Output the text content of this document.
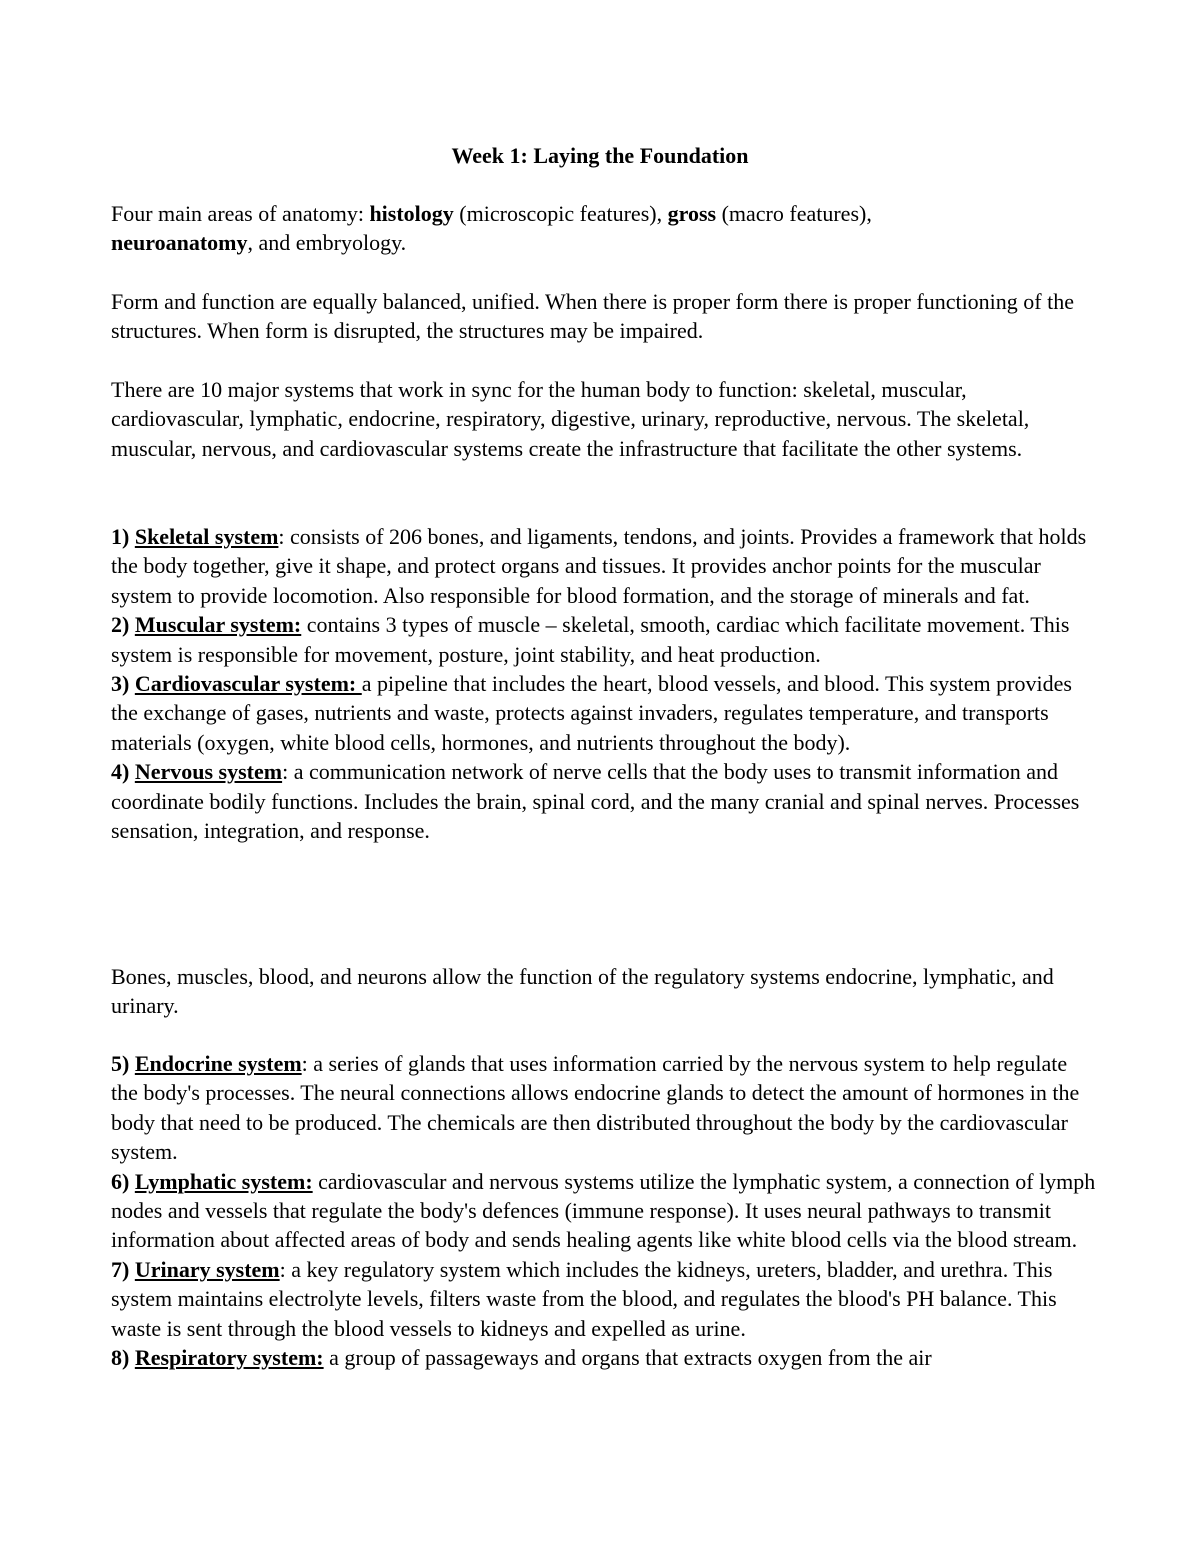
Week 1: Laying the Foundation
Four main areas of anatomy: histology (microscopic features), gross (macro features),
neuroanatomy, and embryology.
Form and function are equally balanced, unified. When there is proper form there is proper functioning of the structures. When form is disrupted, the structures may be impaired.
There are 10 major systems that work in sync for the human body to function: skeletal, muscular, cardiovascular, lymphatic, endocrine, respiratory, digestive, urinary, reproductive, nervous. The skeletal, muscular, nervous, and cardiovascular systems create the infrastructure that facilitate the other systems.
1) Skeletal system: consists of 206 bones, and ligaments, tendons, and joints. Provides a framework that holds the body together, give it shape, and protect organs and tissues. It provides anchor points for the muscular system to provide locomotion. Also responsible for blood formation, and the storage of minerals and fat.
2) Muscular system: contains 3 types of muscle – skeletal, smooth, cardiac which facilitate movement. This system is responsible for movement, posture, joint stability, and heat production.
3) Cardiovascular system: a pipeline that includes the heart, blood vessels, and blood. This system provides the exchange of gases, nutrients and waste, protects against invaders, regulates temperature, and transports materials (oxygen, white blood cells, hormones, and nutrients throughout the body).
4) Nervous system: a communication network of nerve cells that the body uses to transmit information and coordinate bodily functions. Includes the brain, spinal cord, and the many cranial and spinal nerves. Processes sensation, integration, and response.
Bones, muscles, blood, and neurons allow the function of the regulatory systems endocrine, lymphatic, and urinary.
5) Endocrine system: a series of glands that uses information carried by the nervous system to help regulate the body's processes. The neural connections allows endocrine glands to detect the amount of hormones in the body that need to be produced. The chemicals are then distributed throughout the body by the cardiovascular system.
6) Lymphatic system: cardiovascular and nervous systems utilize the lymphatic system, a connection of lymph nodes and vessels that regulate the body's defences (immune response). It uses neural pathways to transmit information about affected areas of body and sends healing agents like white blood cells via the blood stream.
7) Urinary system: a key regulatory system which includes the kidneys, ureters, bladder, and urethra. This system maintains electrolyte levels, filters waste from the blood, and regulates the blood's PH balance. This waste is sent through the blood vessels to kidneys and expelled as urine.
8) Respiratory system: a group of passageways and organs that extracts oxygen from the air
